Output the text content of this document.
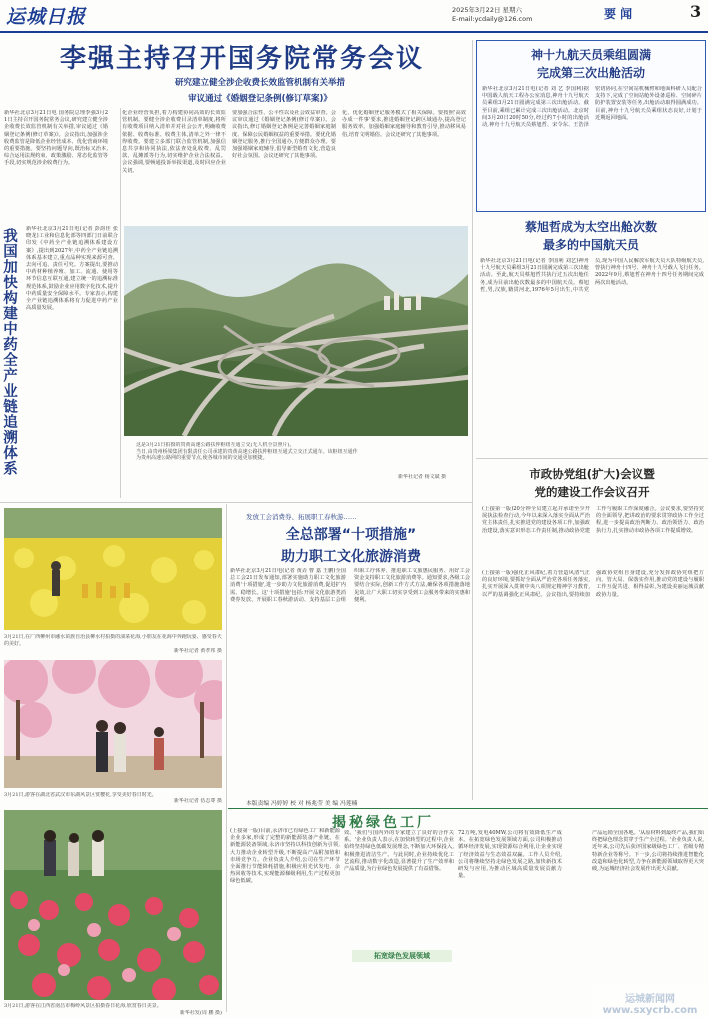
运城日报	2025年3月22日 星期六
E-mail:ycdaily@126.com	要 闻	3
李强主持召开国务院常务会议
研究建立健全涉企收费长效监管机制有关举措
审议通过《婚姻登记条例(修订草案)》
新华社北京3月21日电 国务院总理李强3月21日主持召开国务院常务会议,研究建立健全涉企收费长效监管机制有关举措,审议通过《婚姻登记条例(修订草案)》。会议指出,加强涉企收费监管是降低企业经营成本、优化营商环境的重要措施。要坚持问题导向,既治标又治本,综合运用法规约束、政策激励、常态化监管等手段,切实规范涉企收费行为。
化企业经营负担,着力构建协同高效的长效监管机制。要健全涉企收费目录清单制度,将所有收费项目纳入清单并对社会公开,明确收费依据、收费标准、收费主体,清单之外一律不得收费。要建立多部门联合监管机制,加强信息共享和协同执法,依法查处乱收费、乱罚款、乱摊派等行为,切实维护企业合法权益。会议强调,要畅通投诉举报渠道,及时回应企业关切。
要加强合法性、公平性以及社会效益审查。会议审议通过《婚姻登记条例(修订草案)》。会议指出,修订婚姻登记条例是完善婚姻家庭制度、保障公民婚姻权益的重要举措。要优化婚姻登记服务,推行全国通办,方便群众办理。要加强婚姻家庭辅导,倡导新型婚育文化,营造良好社会氛围。会议还研究了其他事项。
化、优化婚姻登记服务模式了相关保障。要按照'高效办成一件事'要求,推进婚姻登记跨区域通办,提高登记服务效率。加强婚姻家庭辅导和教育引导,推动移风易俗,培育文明婚俗。会议还研究了其他事项。
我国加快构建中药全产业链追溯体系	新华社北京3月21日电(记者 彭韵佳 张晓龙)工业和信息化部等四部门日前联合印发《中药全产业链追溯体系建设方案》,提出到2027年,中药全产业链追溯体系基本建立,重点品种实现来源可查、去向可追、责任可究。方案提出,要推动中药材种植养殖、加工、流通、使用等环节信息互联互通,建立统一的追溯标准规范体系,鼓励企业应用数字化技术,提升中药质量安全保障水平。专家表示,构建全产业链追溯体系将有力促进中药产业高质量发展。
这是3月21日拍摄的贵黄高速公路扶仲枢纽互通立交(无人机全景照片)。
当日,由贵州桥梁集团有限责任公司承建的贵黄高速公路扶仲枢纽互通式立交正式通车。该枢纽互通作为贵州高速公路网的重要节点,使各城市间的交通更加便捷。
新华社记者 杨文斌 摄
神十九航天员乘组圆满
完成第三次出舱活动
新华社北京3月21日电(记者 刘 艺 李国利)据中国载人航天工程办公室消息,神舟十九号航天员乘组3月21日圆满完成第三次出舱活动。截至目前,乘组已累计完成三次出舱活动。北京时间3月20日20时50分,经过约7小时的出舱活动,神舟十九号航天员蔡旭哲、宋令东、王浩泽密切协同,在空间站机械臂和地面科研人员配合支持下,完成了空间站舱外设备巡检、空间碎片防护装置安装等任务,出舱活动取得圆满成功。目前,神舟十九号航天员乘组状态良好,计划于近期返回地面。
蔡旭哲成为太空出舱次数
最多的中国航天员
新华社北京3月21日电(记者 李国利 刘艺)神舟十九号航天员乘组3月21日圆满完成第三次出舱活动。至此,航天员蔡旭哲共执行过五次出舱任务,成为目前出舱次数最多的中国航天员。蔡旭哲,男,汉族,籍贯河北,1976年5月出生,中共党员,现为中国人民解放军航天员大队特级航天员,曾执行神舟十四号、神舟十九号载人飞行任务。2022年9月,蔡旭哲在神舟十四号任务期间完成两次出舱活动。
市政协党组(扩大)会议暨
党的建设工作会议召开
(上接第一版)20分钟全员建立起并承诺至少开展执法检查行动,今年以来深入落实全面从严治党主体责任,扎实推进党的建设各项工作,加强政治建设,落实意识形态工作责任制,推动政协党建工作与履职工作深度融合。会议要求,要坚持党的全面领导,把讲政治的要求贯穿政协工作全过程,进一步提高政治判断力、政治领悟力、政治执行力,扎实推动市政协各项工作提质增效。
(上接第一版)强化正风肃纪,着力营造风清气正的良好环境,要抓好全面从严治党各项任务落实,扎实开展深入贯彻中央八项规定精神学习教育,以严的基调强化正风肃纪。会议指出,要持续加强政协党组自身建设,充分发挥政协党组把方向、管大局、保落实作用,推动党的建设与履职工作互促共进、相得益彰,为建设美丽运城贡献政协力量。
发放工会消费券、拓展职工春秋游……
全总部署“十项措施”
助力职工文化旅游消费
新华社北京3月21日电(记者 黄垚 曹 嘉 王鹏)全国总工会21日发布通知,部署实施助力职工文化旅游消费'十项措施',进一步助力文化旅游消费,促进扩内需、稳增长。这'十项措施'包括:开展文化旅游类消费券发放、开展职工春秋游活动、支持基层工会组织职工疗休养、推进职工文旅惠民服务、用好工会资金支持职工文化旅游消费等。通知要求,各级工会要结合实际,创新工作方式方法,确保各项措施落地见效,让广大职工切实享受到工会服务带来的实惠和便利。
本版责编 冯婷婷 校 对 杨兆莹 美 编 冯莲楠
3月21日,在广西柳州市融水苗族自治县柳水村拍摄的油菜花海,小朋友在花海中奔跑玩耍、感受春天的美好。
新华社记者 黄孝邦 摄
3月21日,游客在湖北省武汉市东湖风景区赏樱花,享受美好春日时光。
新华社记者 伍志尊 摄
3月21日,游客在江西省南昌市梅岭风景区拍摄春日花海,欣赏春日美景。
新华社发(周 鹏 摄)
揭秘绿色工厂
(上接第一版)目前,永济市已有绿色工厂和新能源企业多家,形成了完整的新能源装备产业链。在新能源装备领域,永济市坚持以科技创新为引领,大力推动企业转型升级,不断提高产品附加值和市场竞争力。企业负责人介绍,公司在生产环节全面推行节能降耗措施,积极应用光伏发电、余热回收等技术,实现能源梯级利用,生产过程更加绿色低碳。
效。'我们与国内外的专家建立了良好的合作关系。'企业负责人表示,在加快转型的过程中,企业始终坚持绿色低碳发展理念,不断加大环保投入,积极推进清洁生产。与此同时,企业持续优化工艺流程,推动数字化改造,显著提升了生产效率和产品质量,为行业绿色发展提供了有益借鉴。
拓宽绿色发展领域
72万吨,发电40MW,公司将有效降低生产成本。在拓宽绿色发展领域方面,公司积极推动循环经济发展,实现资源综合利用,让企业实现了经济效益与生态效益双赢。工作人员介绍,公司将继续坚持走绿色发展之路,加快新技术研发与应用,为推动区域高质量发展贡献力量。
产品远销全国各地。'从原材料到最终产品,我们始终把绿色理念贯穿于生产全过程。'企业负责人说,近年来,公司先后获评国家级绿色工厂、省级专精特新企业等称号。下一步,公司将持续推进智能化改造和绿色化转型,力争在新能源领域取得更大突破,为运城经济社会发展作出更大贡献。
运城新闻网 www.sxycrb.com
